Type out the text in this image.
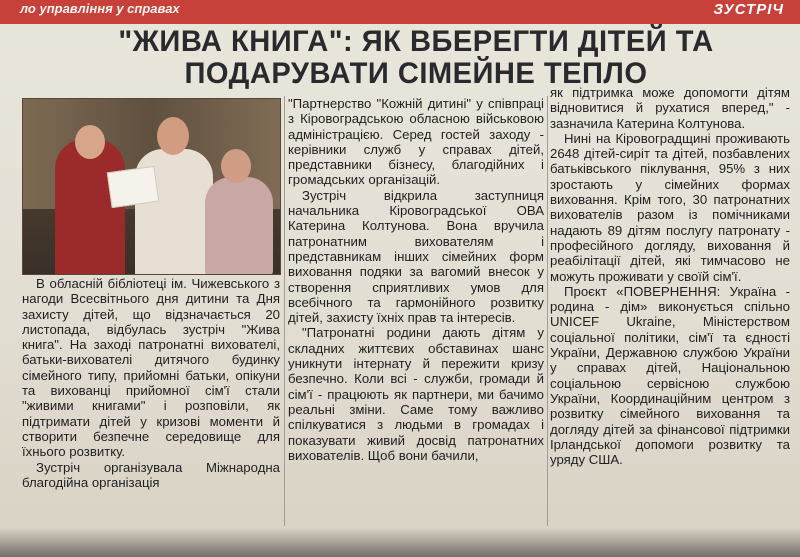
ло управління у справах	ЗУСТРІЧ
"ЖИВА КНИГА": ЯК ВБЕРЕГТИ ДІТЕЙ ТА ПОДАРУВАТИ СІМЕЙНЕ ТЕПЛО

В обласній бібліотеці ім. Чижевського з нагоди Всесвітнього дня дитини та Дня захисту дітей, що відзначається 20 листопада, відбулась зустріч "Жива книга". На заході патронатні вихователі, батьки-вихователі дитячого будинку сімейного типу, прийомні батьки, опікуни та вихованці прийомної сім'ї стали "живими книгами" і розповіли, як підтримати дітей у кризові моменти й створити безпечне середовище для їхнього розвитку.

Зустріч організувала Міжнародна благодійна організація

"Партнерство "Кожній дитині" у співпраці з Кіровоградською обласною військовою адміністрацією. Серед гостей заходу - керівники служб у справах дітей, представники бізнесу, благодійних і громадських організацій.

Зустріч відкрила заступниця начальника Кіровоградської ОВА Катерина Колтунова. Вона вручила патронатним вихователям і представникам інших сімейних форм виховання подяки за вагомий внесок у створення сприятливих умов для всебічного та гармонійного розвитку дітей, захисту їхніх прав та інтересів.

"Патронатні родини дають дітям у складних життєвих обставинах шанс уникнути інтернату й пережити кризу безпечно. Коли всі - служби, громади й сім'ї - працюють як партнери, ми бачимо реальні зміни. Саме тому важливо спілкуватися з людьми в громадах і показувати живий досвід патронатних вихователів. Щоб вони бачили,

як підтримка може допомогти дітям відновитися й рухатися вперед," - зазначила Катерина Колтунова.

Нині на Кіровоградщині проживають 2648 дітей-сиріт та дітей, позбавлених батьківського піклування, 95% з них зростають у сімейних формах виховання. Крім того, 30 патронатних вихователів разом із помічниками надають 89 дітям послугу патронату - професійного догляду, виховання й реабілітації дітей, які тимчасово не можуть проживати у своїй сім'ї.

Проєкт «ПОВЕРНЕННЯ: Україна - родина - дім» виконується спільно UNICEF Ukraine, Міністерством соціальної політики, сім'ї та єдності України, Державною службою України у справах дітей, Національною соціальною сервісною службою України, Координаційним центром з розвитку сімейного виховання та догляду дітей за фінансової підтримки Ірландської допомоги розвитку та уряду США.
